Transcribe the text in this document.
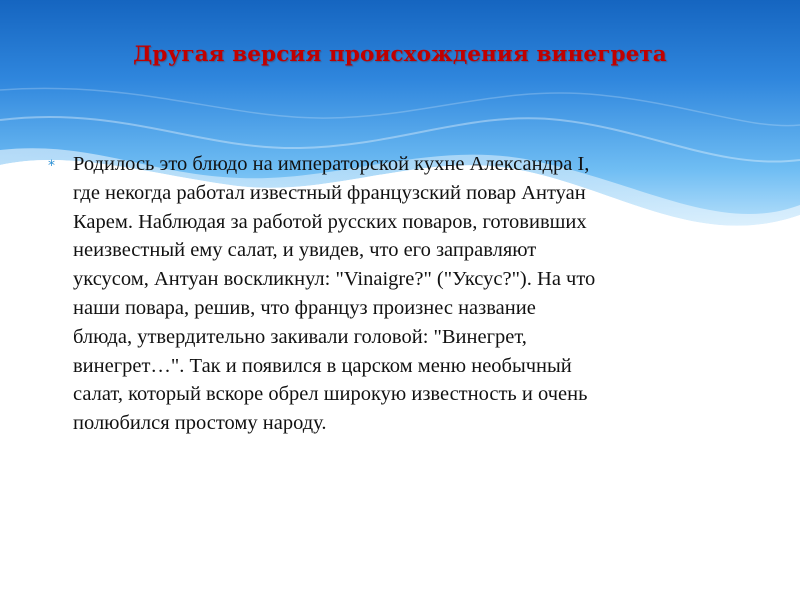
Другая версия происхождения винегрета
* Родилось это блюдо на императорской кухне Александра I,
где некогда работал известный французский повар Антуан
Карем. Наблюдая за работой русских поваров, готовивших
неизвестный ему салат, и увидев, что его заправляют
уксусом, Антуан воскликнул: "Vinaigre?" ("Уксус?"). На что
наши повара, решив, что француз произнес название
блюда, утвердительно закивали головой: "Винегрет,
винегрет…". Так и появился в царском меню необычный
салат, который вскоре обрел широкую известность и очень
полюбился простому народу.
